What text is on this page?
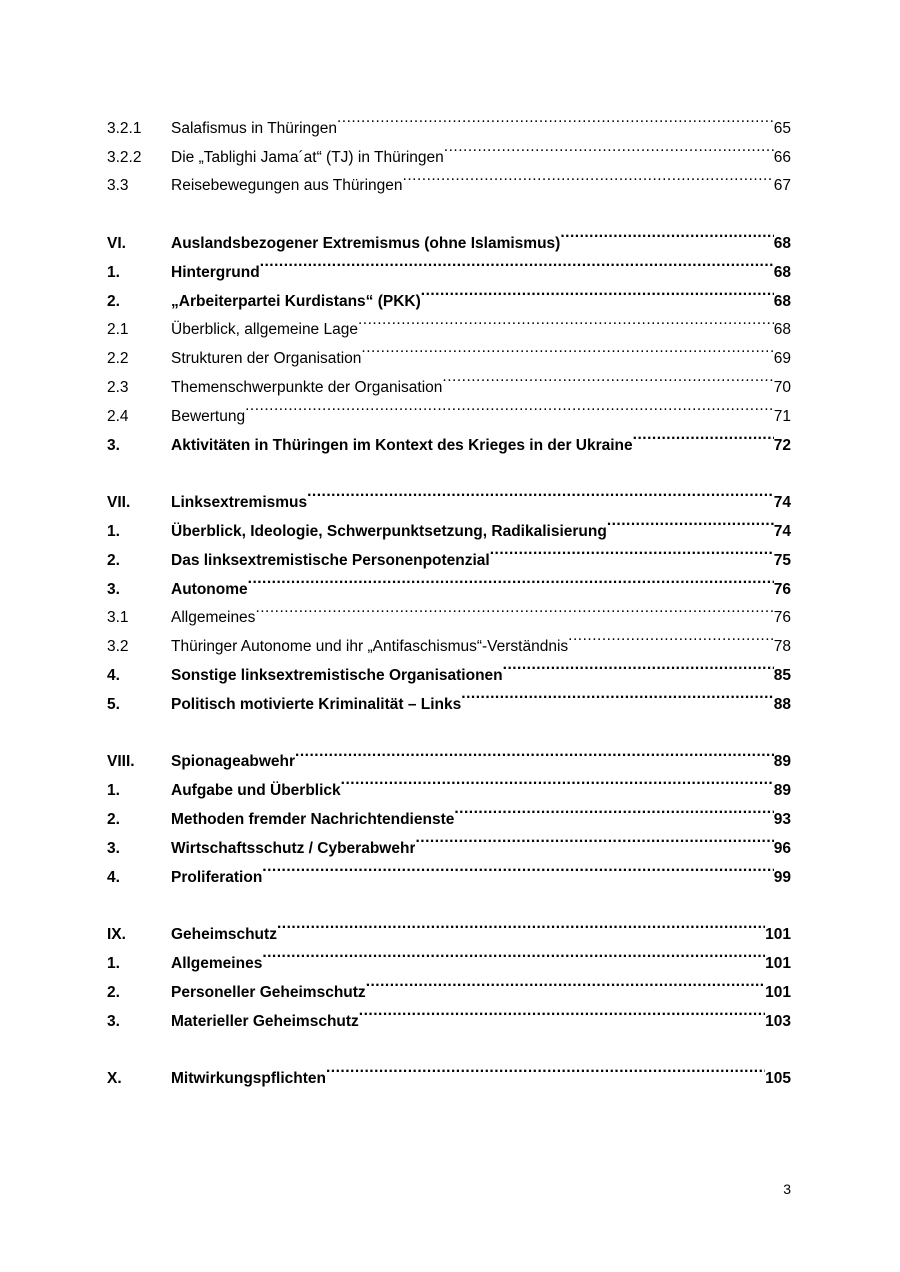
3.2.1	Salafismus in Thüringen .....	65
3.2.2	Die „Tablighi Jama´at“ (TJ) in Thüringen .....	66
3.3	Reisebewegungen aus Thüringen .....	67
VI.	Auslandsbezogener Extremismus (ohne Islamismus) .....	68
1.	Hintergrund .....	68
2.	„Arbeiterpartei Kurdistans“ (PKK) .....	68
2.1	Überblick, allgemeine Lage .....	68
2.2	Strukturen der Organisation .....	69
2.3	Themenschwerpunkte der Organisation .....	70
2.4	Bewertung .....	71
3.	Aktivitäten in Thüringen im Kontext des Krieges in der Ukraine .....	72
VII.	Linksextremismus .....	74
1.	Überblick, Ideologie, Schwerpunktsetzung, Radikalisierung .....	74
2.	Das linksextremistische Personenpotenzial .....	75
3.	Autonome .....	76
3.1	Allgemeines .....	76
3.2	Thüringer Autonome und ihr „Antifaschismus“-Verständnis .....	78
4.	Sonstige linksextremistische Organisationen .....	85
5.	Politisch motivierte Kriminalität – Links .....	88
VIII.	Spionageabwehr .....	89
1.	Aufgabe und Überblick .....	89
2.	Methoden fremder Nachrichtendienste .....	93
3.	Wirtschaftsschutz / Cyberabwehr .....	96
4.	Proliferation .....	99
IX.	Geheimschutz .....	101
1.	Allgemeines .....	101
2.	Personeller Geheimschutz .....	101
3.	Materieller Geheimschutz .....	103
X.	Mitwirkungspflichten .....	105
3
